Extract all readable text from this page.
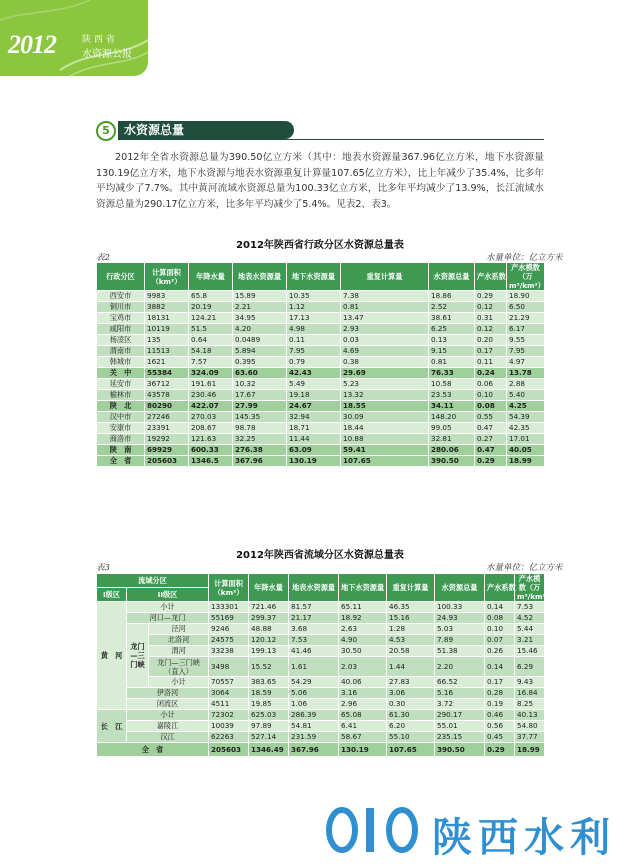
2012	陕西省
水资源公报
5	水资源总量
2012年全省水资源总量为390.50亿立方米（其中：地表水资源量367.96亿立方米，地下水资源量130.19亿立方米，地下水资源与地表水资源重复计算量107.65亿立方米），比上年减少了35.4%，比多年平均减少了7.7%。其中黄河流域水资源总量为100.33亿立方米，比多年平均减少了13.9%，长江流域水资源总量为290.17亿立方米，比多年平均减少了5.4%。见表2、表3。
2012年陕西省行政分区水资源总量表
表2	水量单位：亿立方米
行政分区	计算面积（km²）	年降水量	地表水资源量	地下水资源量	重复计算量	水资源总量	产水系数	产水模数（万m³/km²）
西安市	9983	65.8	15.89	10.35	7.38	18.86	0.29	18.90
铜川市	3882	20.19	2.21	1.12	0.81	2.52	0.12	6.50
宝鸡市	18131	124.21	34.95	17.13	13.47	38.61	0.31	21.29
咸阳市	10119	51.5	4.20	4.98	2.93	6.25	0.12	6.17
杨凌区	135	0.64	0.0489	0.11	0.03	0.13	0.20	9.55
渭南市	11513	54.18	5.894	7.95	4.69	9.15	0.17	7.95
韩城市	1621	7.57	0.395	0.79	0.38	0.81	0.11	4.97
关　中	55384	324.09	63.60	42.43	29.69	76.33	0.24	13.78
延安市	36712	191.61	10.32	5.49	5.23	10.58	0.06	2.88
榆林市	43578	230.46	17.67	19.18	13.32	23.53	0.10	5.40
陕　北	80290	422.07	27.99	24.67	18.55	34.11	0.08	4.25
汉中市	27246	270.03	145.35	32.94	30.09	148.20	0.55	54.39
安康市	23391	208.67	98.78	18.71	18.44	99.05	0.47	42.35
商洛市	19292	121.63	32.25	11.44	10.88	32.81	0.27	17.01
陕　南	69929	600.33	276.38	63.09	59.41	280.06	0.47	40.05
全　省	205603	1346.5	367.96	130.19	107.65	390.50	0.29	18.99
2012年陕西省流域分区水资源总量表
表3	水量单位：亿立方米
流域分区			计算面积（km²）	年降水量	地表水资源量	地下水资源量	重复计算量	水资源总量	产水系数	产水模数（万m³/km²）
I级区	II级区									
黄　河	小计		133301	721.46	81.57	65.11	46.35	100.33	0.14	7.53
	河口—龙门		55169	299.37	21.17	18.92	15.16	24.93	0.08	4.52
	龙门—三门峡	泾河	9246	48.88	3.68	2.63	1.28	5.03	0.10	5.44
		北洛河	24575	120.12	7.53	4.90	4.53	7.89	0.07	3.21
		渭河	33238	199.13	41.46	30.50	20.58	51.38	0.26	15.46
		龙门—三门峡（直入）	3498	15.52	1.61	2.03	1.44	2.20	0.14	6.29
		小计	70557	383.65	54.29	40.06	27.83	66.52	0.17	9.43
	伊洛河		3064	18.59	5.06	3.16	3.06	5.16	0.28	16.84
	闭流区		4511	19.85	1.06	2.96	0.30	3.72	0.19	8.25
长　江	小计		72302	625.03	286.39	65.08	61.30	290.17	0.46	40.13
	嘉陵江		10039	97.89	54.81	6.41	6.20	55.01	0.56	54.80
	汉江		62263	527.14	231.59	58.67	55.10	235.15	0.45	37.77
全　省			205603	1346.49	367.96	130.19	107.65	390.50	0.29	18.99
陕西水利
